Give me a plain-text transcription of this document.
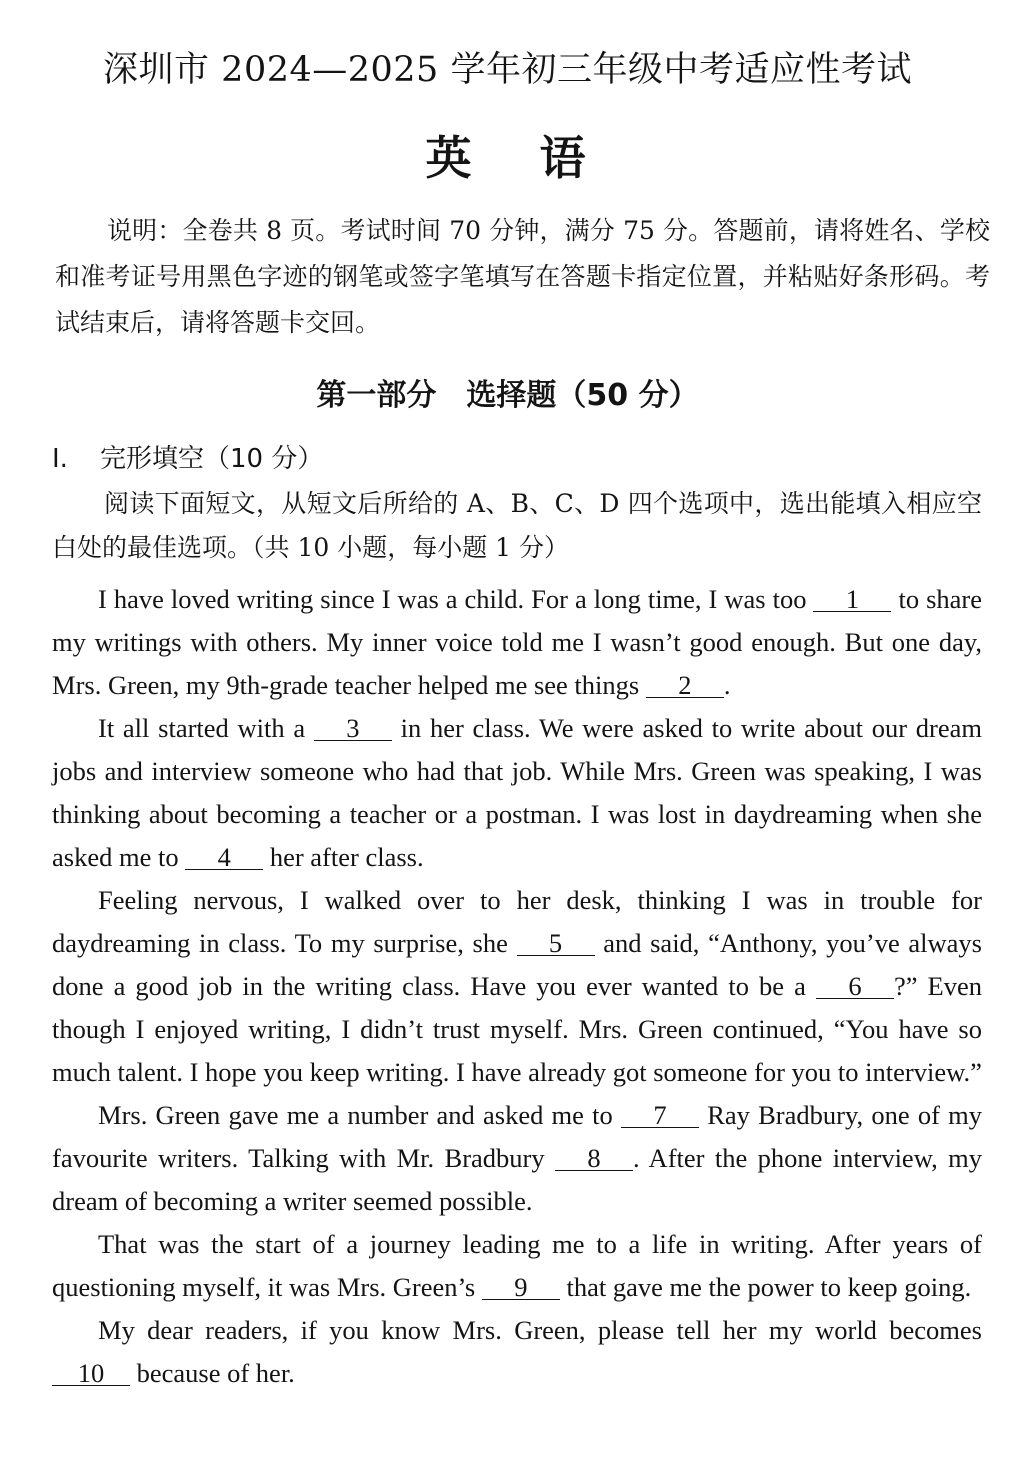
深圳市 2024—2025 学年初三年级中考适应性考试
英 语
说明：全卷共 8 页。考试时间 70 分钟，满分 75 分。答题前，请将姓名、学校和准考证号用黑色字迹的钢笔或签字笔填写在答题卡指定位置，并粘贴好条形码。考试结束后，请将答题卡交回。
第一部分 选择题（50 分）
I. 完形填空（10 分）
阅读下面短文，从短文后所给的 A、B、C、D 四个选项中，选出能填入相应空白处的最佳选项。（共 10 小题，每小题 1 分）

I have loved writing since I was a child. For a long time, I was too 1 to share my writings with others. My inner voice told me I wasn’t good enough. But one day, Mrs. Green, my 9th-grade teacher helped me see things 2 .

It all started with a 3 in her class. We were asked to write about our dream jobs and interview someone who had that job. While Mrs. Green was speaking, I was thinking about becoming a teacher or a postman. I was lost in daydreaming when she asked me to 4 her after class.

Feeling nervous, I walked over to her desk, thinking I was in trouble for daydreaming in class. To my surprise, she 5 and said, “Anthony, you’ve always done a good job in the writing class. Have you ever wanted to be a 6 ?” Even though I enjoyed writing, I didn’t trust myself. Mrs. Green continued, “You have so much talent. I hope you keep writing. I have already got someone for you to interview.”

Mrs. Green gave me a number and asked me to 7 Ray Bradbury, one of my favourite writers. Talking with Mr. Bradbury 8 . After the phone interview, my dream of becoming a writer seemed possible.

That was the start of a journey leading me to a life in writing. After years of questioning myself, it was Mrs. Green’s 9 that gave me the power to keep going.

My dear readers, if you know Mrs. Green, please tell her my world becomes 10 because of her.
